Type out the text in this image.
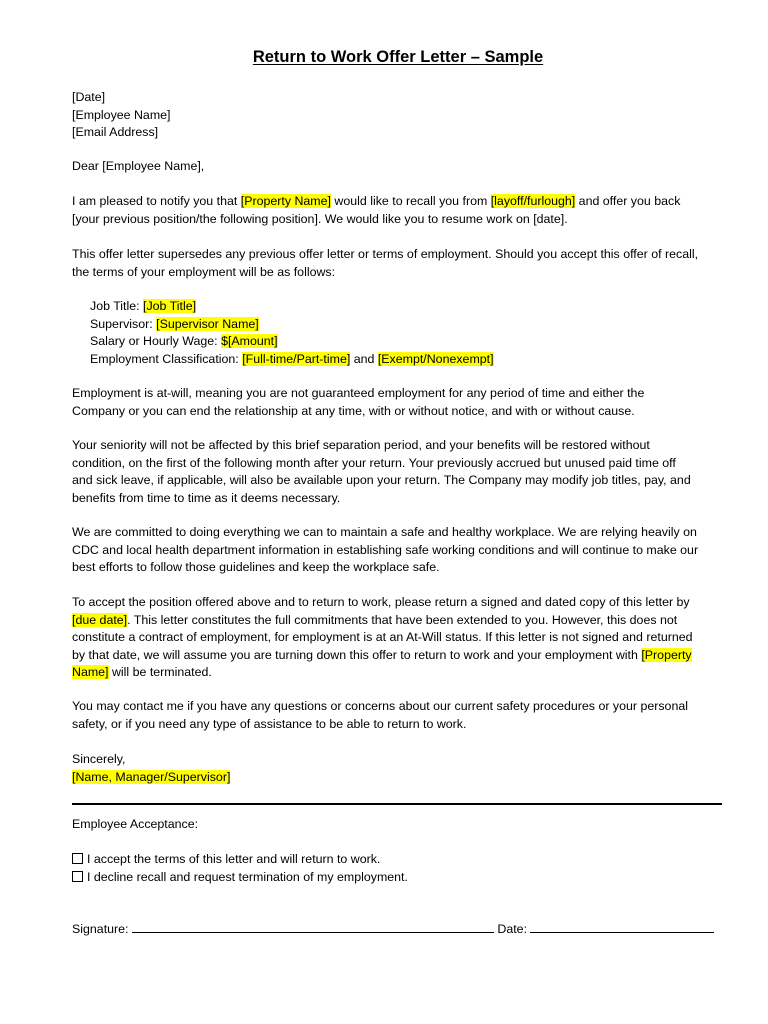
Return to Work Offer Letter – Sample
[Date]
[Employee Name]
[Email Address]
Dear [Employee Name],
I am pleased to notify you that [Property Name] would like to recall you from [layoff/furlough] and offer you back
[your previous position/the following position]. We would like you to resume work on [date].
This offer letter supersedes any previous offer letter or terms of employment. Should you accept this offer of recall,
the terms of your employment will be as follows:
Job Title: [Job Title]
Supervisor: [Supervisor Name]
Salary or Hourly Wage: $[Amount]
Employment Classification: [Full-time/Part-time] and [Exempt/Nonexempt]
Employment is at-will, meaning you are not guaranteed employment for any period of time and either the
Company or you can end the relationship at any time, with or without notice, and with or without cause.
Your seniority will not be affected by this brief separation period, and your benefits will be restored without
condition, on the first of the following month after your return. Your previously accrued but unused paid time off
and sick leave, if applicable, will also be available upon your return. The Company may modify job titles, pay, and
benefits from time to time as it deems necessary.
We are committed to doing everything we can to maintain a safe and healthy workplace. We are relying heavily on
CDC and local health department information in establishing safe working conditions and will continue to make our
best efforts to follow those guidelines and keep the workplace safe.
To accept the position offered above and to return to work, please return a signed and dated copy of this letter by
[due date]. This letter constitutes the full commitments that have been extended to you. However, this does not
constitute a contract of employment, for employment is at an At-Will status. If this letter is not signed and returned
by that date, we will assume you are turning down this offer to return to work and your employment with [Property
Name] will be terminated.
You may contact me if you have any questions or concerns about our current safety procedures or your personal
safety, or if you need any type of assistance to be able to return to work.
Sincerely,
[Name, Manager/Supervisor]
Employee Acceptance:
I accept the terms of this letter and will return to work.
I decline recall and request termination of my employment.
Signature:	Date:
